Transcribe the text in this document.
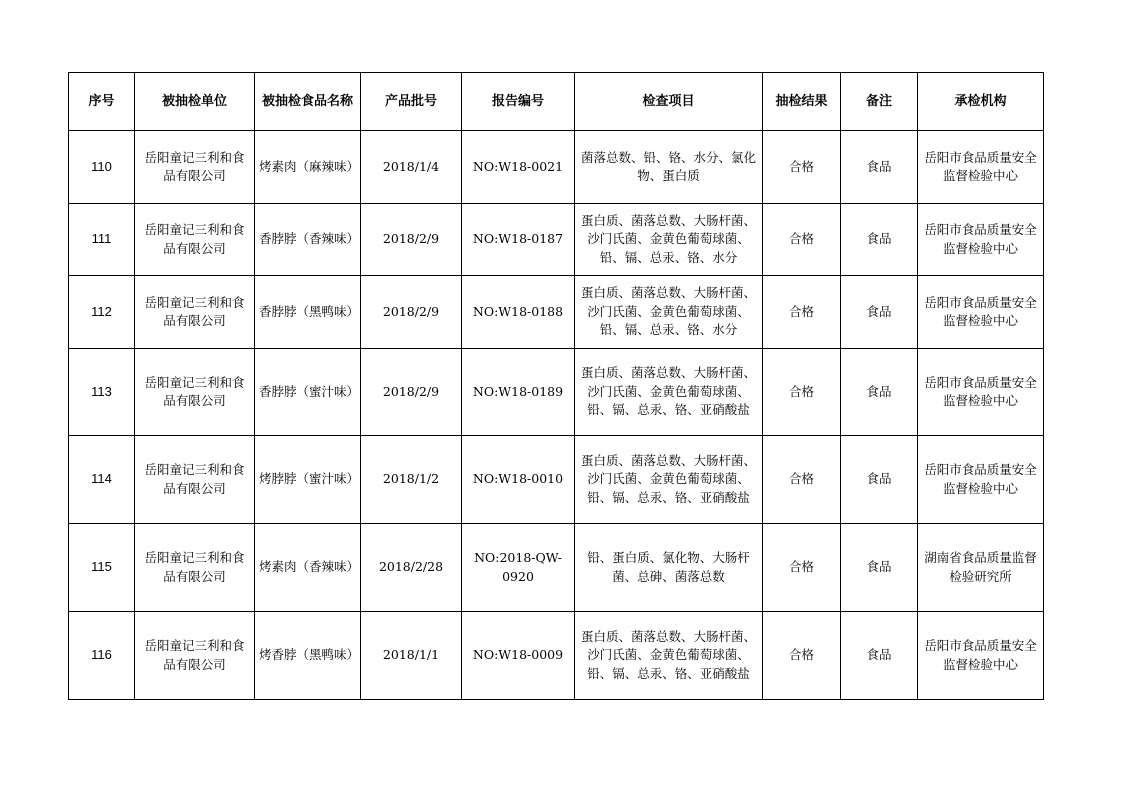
序号	被抽检单位	被抽检食品名称	产品批号	报告编号	检查项目	抽检结果	备注	承检机构
110	岳阳童记三利和食品有限公司	烤素肉（麻辣味）	2018/1/4	NO:W18-0021	菌落总数、铅、铬、水分、氯化物、蛋白质	合格	食品	岳阳市食品质量安全监督检验中心
111	岳阳童记三利和食品有限公司	香脖脖（香辣味）	2018/2/9	NO:W18-0187	蛋白质、菌落总数、大肠杆菌、沙门氏菌、金黄色葡萄球菌、铅、镉、总汞、铬、水分	合格	食品	岳阳市食品质量安全监督检验中心
112	岳阳童记三利和食品有限公司	香脖脖（黑鸭味）	2018/2/9	NO:W18-0188	蛋白质、菌落总数、大肠杆菌、沙门氏菌、金黄色葡萄球菌、铅、镉、总汞、铬、水分	合格	食品	岳阳市食品质量安全监督检验中心
113	岳阳童记三利和食品有限公司	香脖脖（蜜汁味）	2018/2/9	NO:W18-0189	蛋白质、菌落总数、大肠杆菌、沙门氏菌、金黄色葡萄球菌、铅、镉、总汞、铬、亚硝酸盐	合格	食品	岳阳市食品质量安全监督检验中心
114	岳阳童记三利和食品有限公司	烤脖脖（蜜汁味）	2018/1/2	NO:W18-0010	蛋白质、菌落总数、大肠杆菌、沙门氏菌、金黄色葡萄球菌、铅、镉、总汞、铬、亚硝酸盐	合格	食品	岳阳市食品质量安全监督检验中心
115	岳阳童记三利和食品有限公司	烤素肉（香辣味）	2018/2/28	NO:2018-QW-0920	铅、蛋白质、氯化物、大肠杆菌、总砷、菌落总数	合格	食品	湖南省食品质量监督检验研究所
116	岳阳童记三利和食品有限公司	烤香脖（黑鸭味）	2018/1/1	NO:W18-0009	蛋白质、菌落总数、大肠杆菌、沙门氏菌、金黄色葡萄球菌、铅、镉、总汞、铬、亚硝酸盐	合格	食品	岳阳市食品质量安全监督检验中心
